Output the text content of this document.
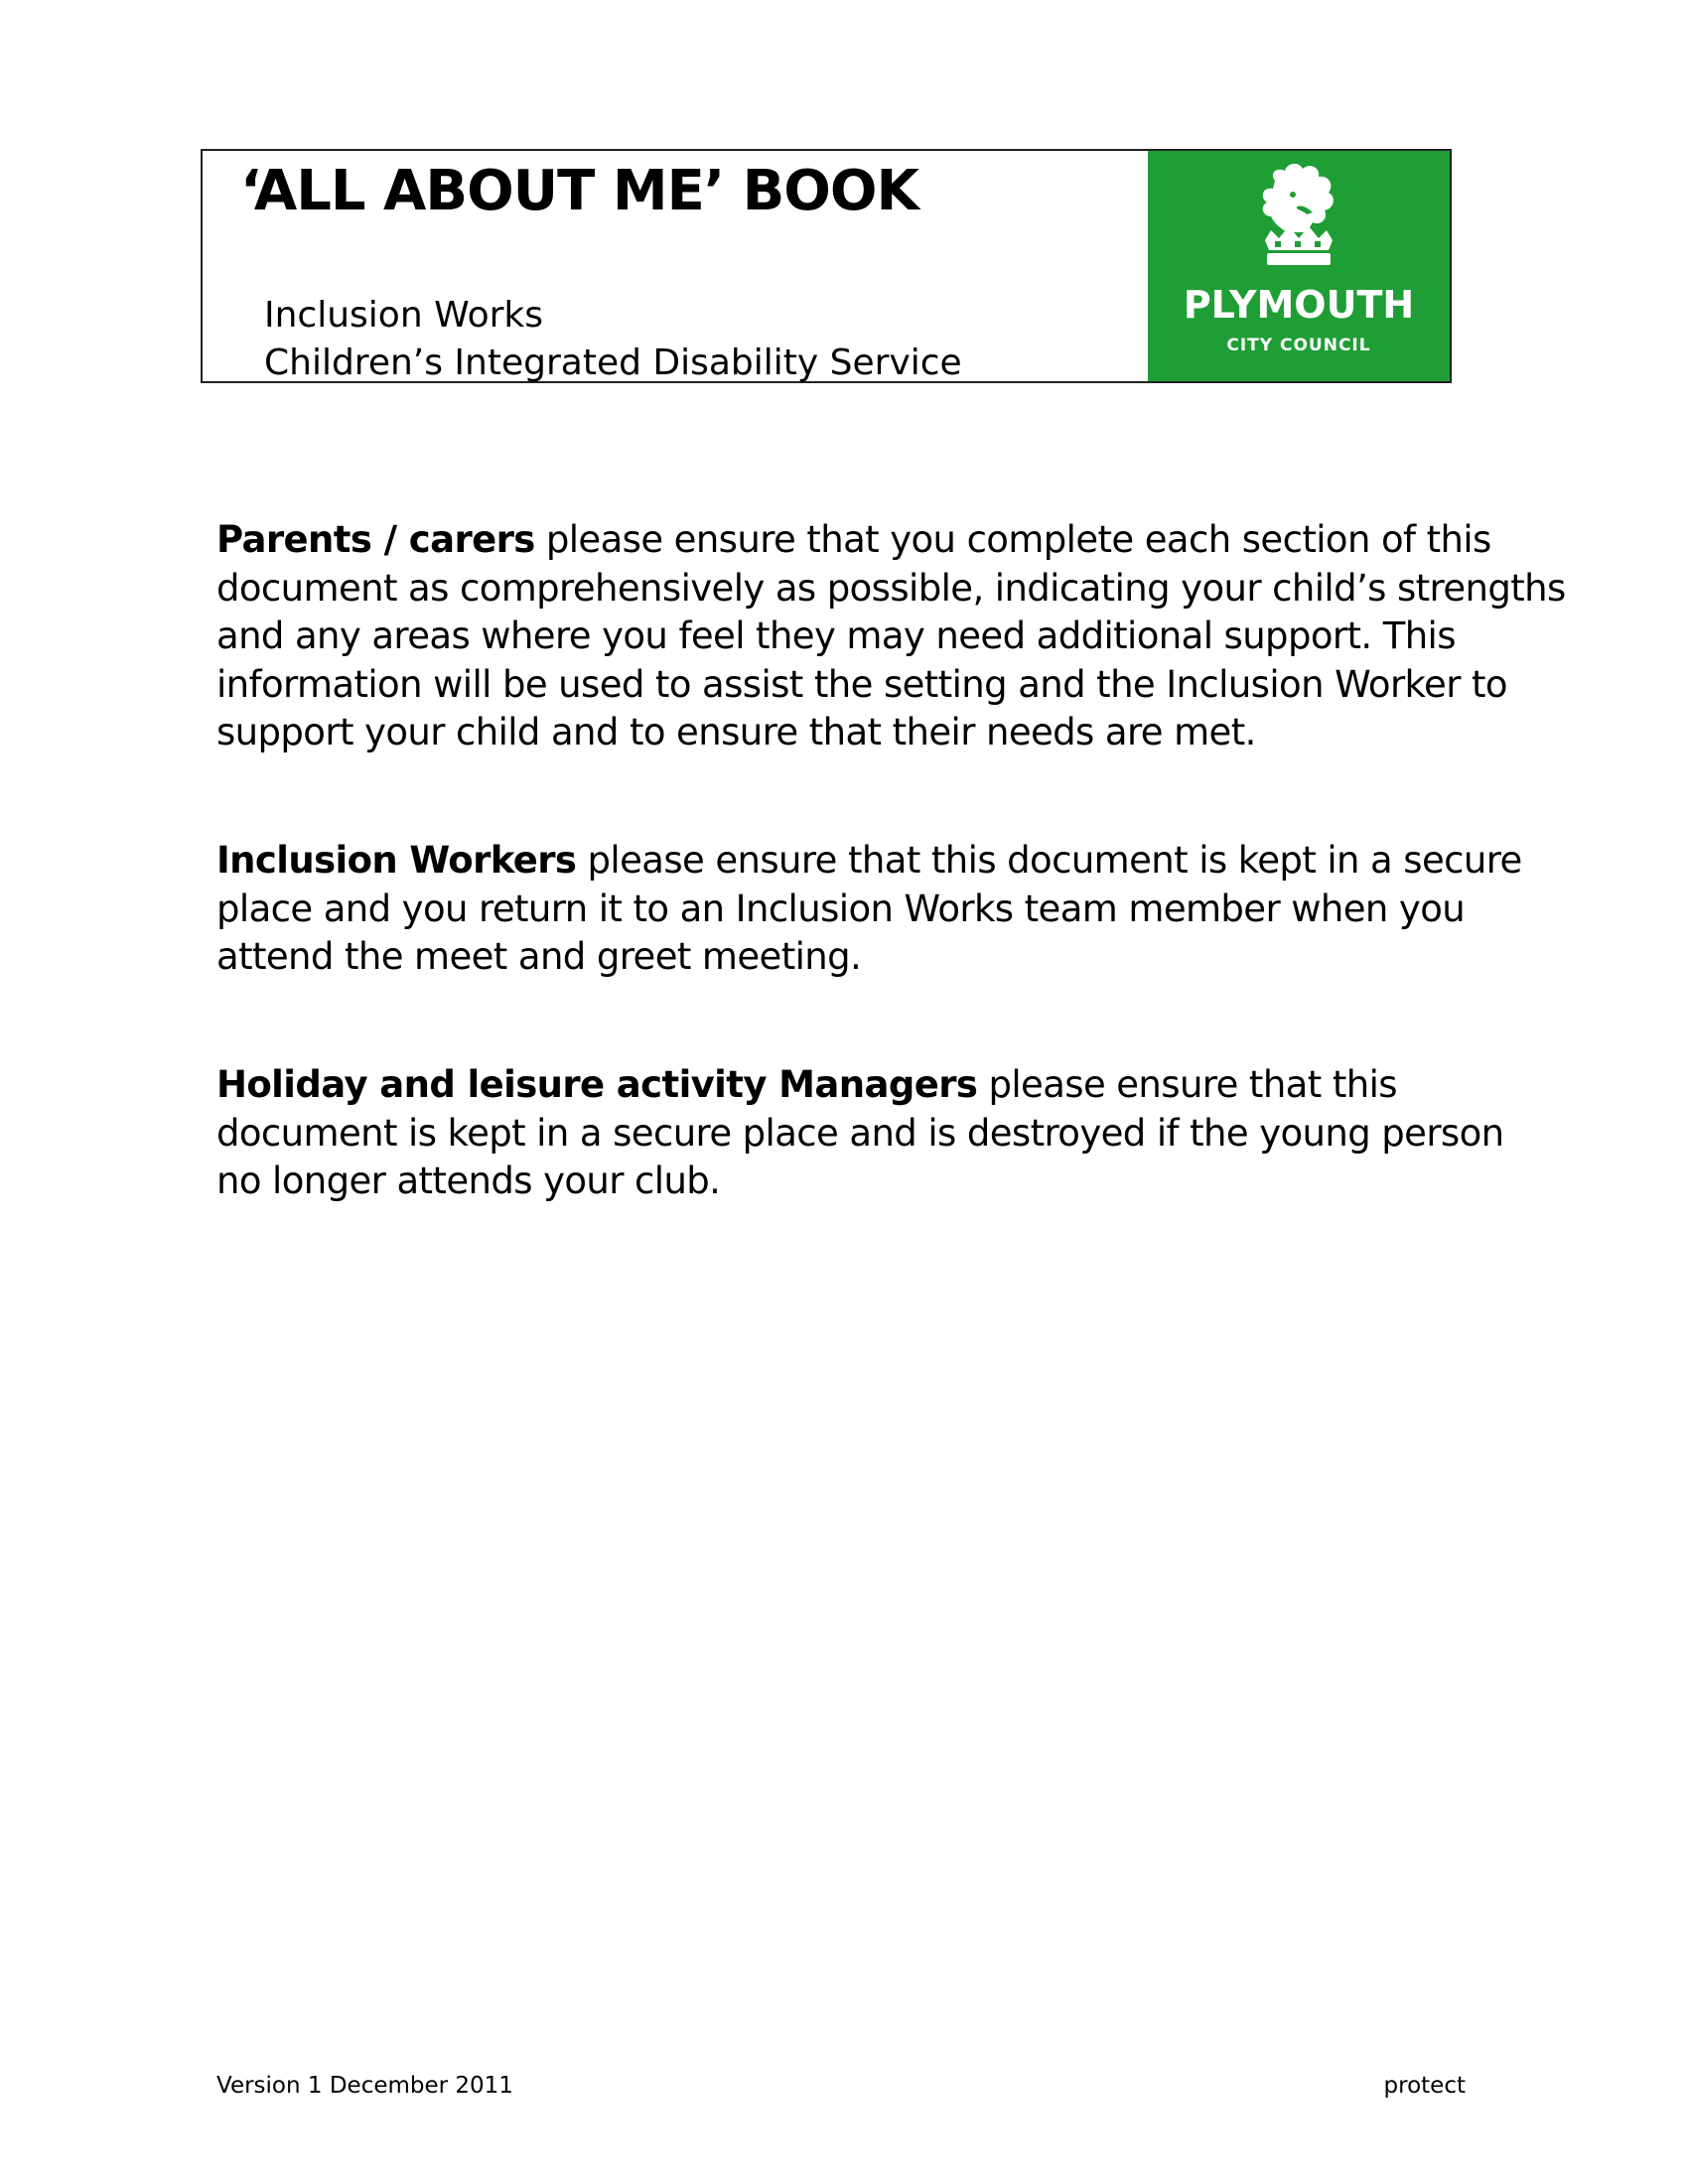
‘ALL ABOUT ME’ BOOK
Inclusion Works
Children’s Integrated Disability Service
PLYMOUTH
CITY COUNCIL

Parents / carers please ensure that you complete each section of this
document as comprehensively as possible, indicating your child’s strengths
and any areas where you feel they may need additional support. This
information will be used to assist the setting and the Inclusion Worker to
support your child and to ensure that their needs are met.

Inclusion Workers please ensure that this document is kept in a secure
place and you return it to an Inclusion Works team member when you
attend the meet and greet meeting.

Holiday and leisure activity Managers please ensure that this
document is kept in a secure place and is destroyed if the young person
no longer attends your club.

Version 1 December 2011	protect
